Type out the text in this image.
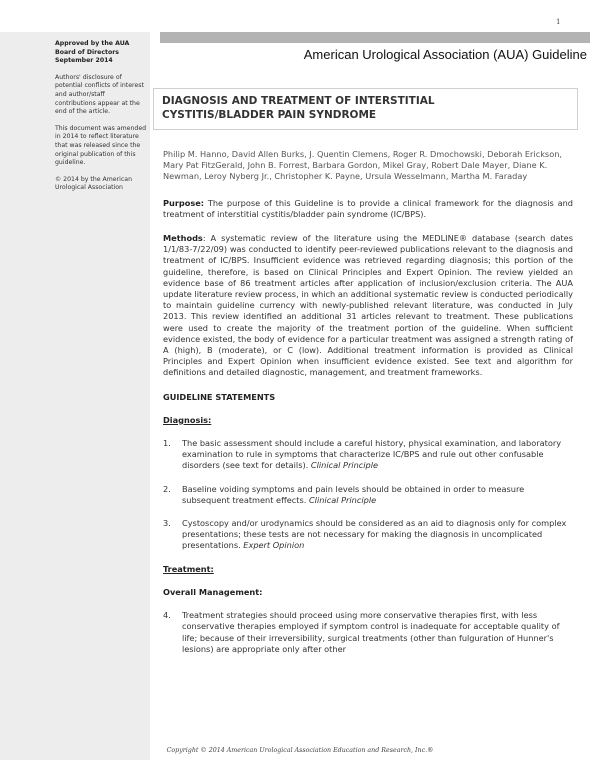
1

Approved by the AUA Board of Directors September 2014

Authors' disclosure of potential conflicts of interest and author/staff contributions appear at the end of the article.

This document was amended in 2014 to reflect literature that was released since the original publication of this guideline.

© 2014 by the American Urological Association

American Urological Association (AUA) Guideline
DIAGNOSIS AND TREATMENT OF INTERSTITIAL CYSTITIS/BLADDER PAIN SYNDROME

Philip M. Hanno, David Allen Burks, J. Quentin Clemens, Roger R. Dmochowski, Deborah Erickson, Mary Pat FitzGerald, John B. Forrest, Barbara Gordon, Mikel Gray, Robert Dale Mayer, Diane K. Newman, Leroy Nyberg Jr., Christopher K. Payne, Ursula Wesselmann, Martha M. Faraday

Purpose: The purpose of this Guideline is to provide a clinical framework for the diagnosis and treatment of interstitial cystitis/bladder pain syndrome (IC/BPS).

Methods: A systematic review of the literature using the MEDLINE® database (search dates 1/1/83-7/22/09) was conducted to identify peer-reviewed publications relevant to the diagnosis and treatment of IC/BPS. Insufficient evidence was retrieved regarding diagnosis; this portion of the guideline, therefore, is based on Clinical Principles and Expert Opinion. The review yielded an evidence base of 86 treatment articles after application of inclusion/exclusion criteria. The AUA update literature review process, in which an additional systematic review is conducted periodically to maintain guideline currency with newly-published relevant literature, was conducted in July 2013. This review identified an additional 31 articles relevant to treatment. These publications were used to create the majority of the treatment portion of the guideline. When sufficient evidence existed, the body of evidence for a particular treatment was assigned a strength rating of A (high), B (moderate), or C (low). Additional treatment information is provided as Clinical Principles and Expert Opinion when insufficient evidence existed. See text and algorithm for definitions and detailed diagnostic, management, and treatment frameworks.

GUIDELINE STATEMENTS

Diagnosis:

1.	The basic assessment should include a careful history, physical examination, and laboratory examination to rule in symptoms that characterize IC/BPS and rule out other confusable disorders (see text for details). Clinical Principle
2.	Baseline voiding symptoms and pain levels should be obtained in order to measure subsequent treatment effects. Clinical Principle
3.	Cystoscopy and/or urodynamics should be considered as an aid to diagnosis only for complex presentations; these tests are not necessary for making the diagnosis in uncomplicated presentations. Expert Opinion

Treatment:

Overall Management:

4.	Treatment strategies should proceed using more conservative therapies first, with less conservative therapies employed if symptom control is inadequate for acceptable quality of life; because of their irreversibility, surgical treatments (other than fulguration of Hunner's lesions) are appropriate only after other
Copyright © 2014 American Urological Association Education and Research, Inc.®
